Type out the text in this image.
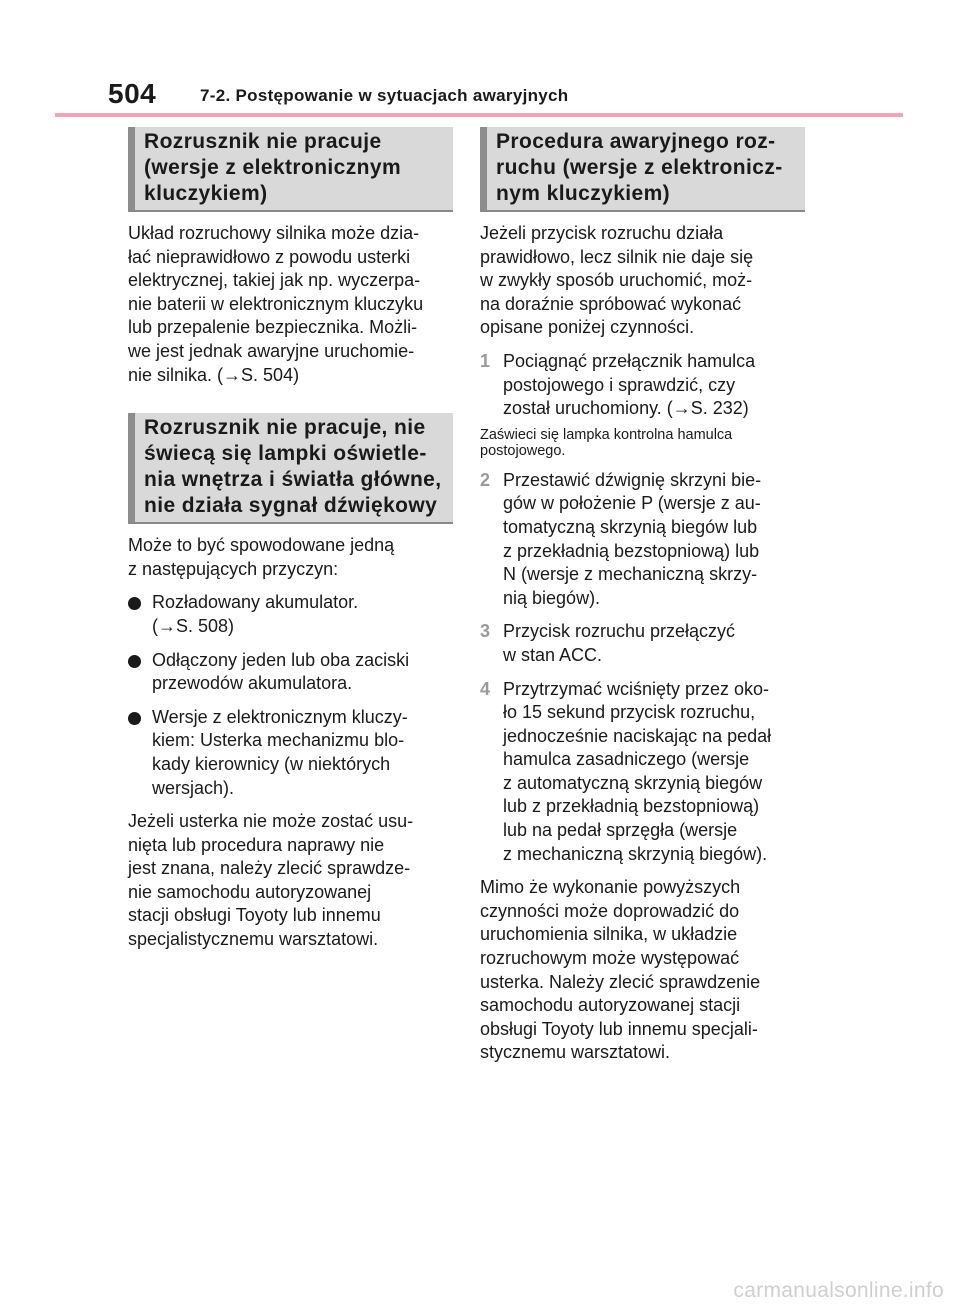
504	7-2. Postępowanie w sytuacjach awaryjnych
Rozrusznik nie pracuje
(wersje z elektronicznym
kluczykiem)

Układ rozruchowy silnika może dzia-
łać nieprawidłowo z powodu usterki
elektrycznej, takiej jak np. wyczerpa-
nie baterii w elektronicznym kluczyku
lub przepalenie bezpiecznika. Możli-
we jest jednak awaryjne uruchomie-
nie silnika. (→S. 504)

Rozrusznik nie pracuje, nie
świecą się lampki oświetle-
nia wnętrza i światła główne,
nie działa sygnał dźwiękowy

Może to być spowodowane jedną
z następujących przyczyn:

Rozładowany akumulator.
(→S. 508)
Odłączony jeden lub oba zaciski
przewodów akumulatora.
Wersje z elektronicznym kluczy-
kiem: Usterka mechanizmu blo-
kady kierownicy (w niektórych
wersjach).

Jeżeli usterka nie może zostać usu-
nięta lub procedura naprawy nie
jest znana, należy zlecić sprawdze-
nie samochodu autoryzowanej
stacji obsługi Toyoty lub innemu
specjalistycznemu warsztatowi.

Procedura awaryjnego roz-
ruchu (wersje z elektronicz-
nym kluczykiem)

Jeżeli przycisk rozruchu działa
prawidłowo, lecz silnik nie daje się
w zwykły sposób uruchomić, moż-
na doraźnie spróbować wykonać
opisane poniżej czynności.

1 Pociągnąć przełącznik hamulca
postojowego i sprawdzić, czy
został uruchomiony. (→S. 232)

Zaświeci się lampka kontrolna hamulca
postojowego.

2 Przestawić dźwignię skrzyni bie-
gów w położenie P (wersje z au-
tomatyczną skrzynią biegów lub
z przekładnią bezstopniową) lub
N (wersje z mechaniczną skrzy-
nią biegów).
3 Przycisk rozruchu przełączyć
w stan ACC.
4 Przytrzymać wciśnięty przez oko-
ło 15 sekund przycisk rozruchu,
jednocześnie naciskając na pedał
hamulca zasadniczego (wersje
z automatyczną skrzynią biegów
lub z przekładnią bezstopniową)
lub na pedał sprzęgła (wersje
z mechaniczną skrzynią biegów).

Mimo że wykonanie powyższych
czynności może doprowadzić do
uruchomienia silnika, w układzie
rozruchowym może występować
usterka. Należy zlecić sprawdzenie
samochodu autoryzowanej stacji
obsługi Toyoty lub innemu specjali-
stycznemu warsztatowi.

carmanualsonline.info
